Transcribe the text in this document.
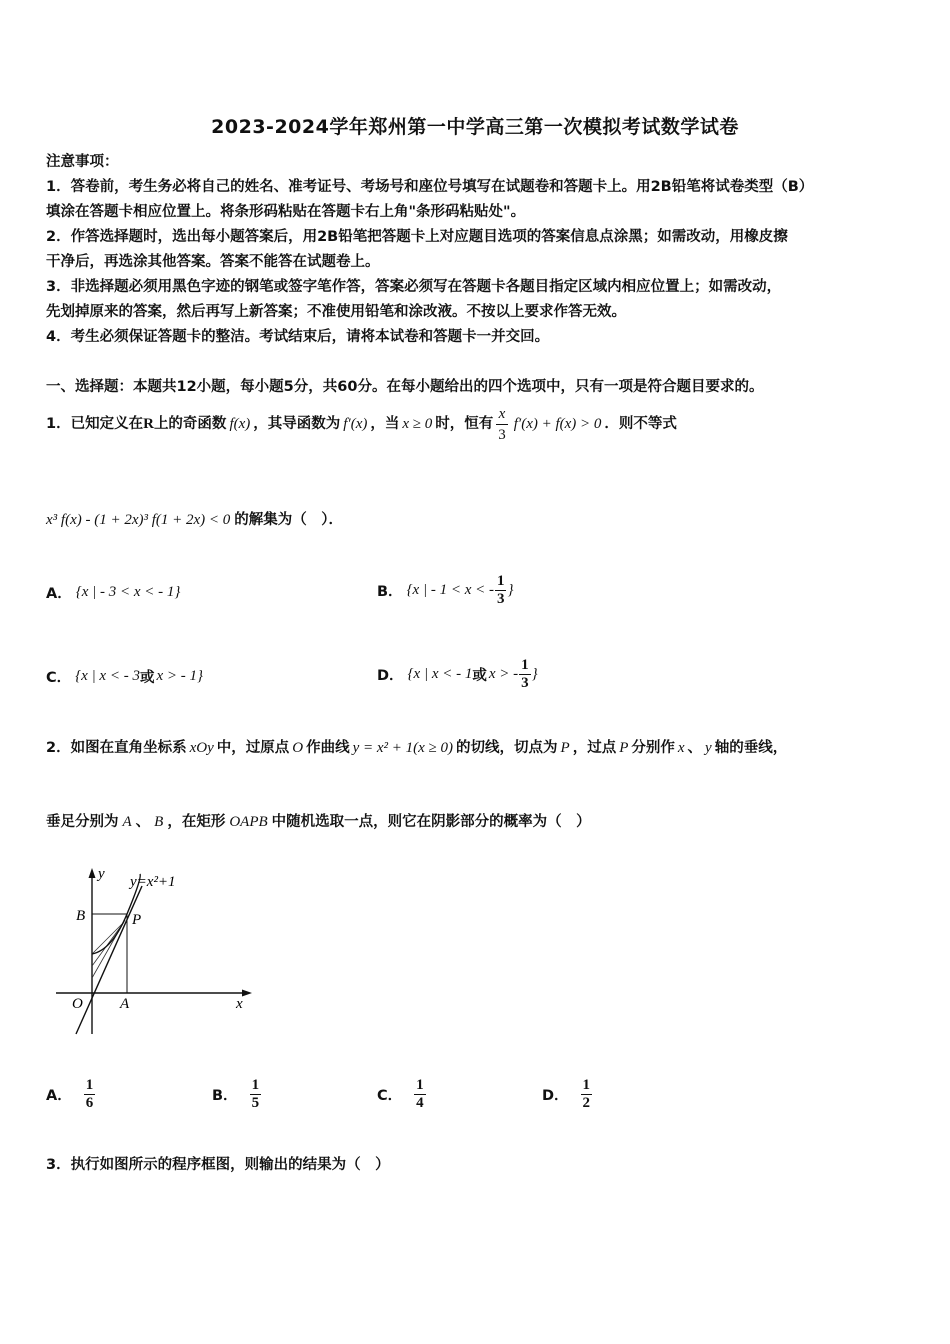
2023-2024学年郑州第一中学高三第一次模拟考试数学试卷
注意事项：
1．答卷前，考生务必将自己的姓名、准考证号、考场号和座位号填写在试题卷和答题卡上。用2B铅笔将试卷类型（B）
填涂在答题卡相应位置上。将条形码粘贴在答题卡右上角"条形码粘贴处"。
2．作答选择题时，选出每小题答案后，用2B铅笔把答题卡上对应题目选项的答案信息点涂黑；如需改动，用橡皮擦
干净后，再选涂其他答案。答案不能答在试题卷上。
3．非选择题必须用黑色字迹的钢笔或签字笔作答，答案必须写在答题卡各题目指定区域内相应位置上；如需改动，
先划掉原来的答案，然后再写上新答案；不准使用铅笔和涂改液。不按以上要求作答无效。
4．考生必须保证答题卡的整洁。考试结束后，请将本试卷和答题卡一并交回。
一、选择题：本题共12小题，每小题5分，共60分。在每小题给出的四个选项中，只有一项是符合题目要求的。
1．已知定义在 R 上的奇函数 f(x) ，其导函数为 f′(x) ，当 x ≥ 0 时，恒有 $\frac{x}{3} f'(x) + f(x) > 0$ ．则不等式
x³ f(x) - (1 + 2x)³ f(1 + 2x) < 0 的解集为（　）．
A． {x | - 3 < x < - 1}	B． {x | - 1 < x < - $\frac{1}{3}$ }
C． {x | x < - 3 或 x > - 1}	D． {x | x < - 1 或 x > - $\frac{1}{3}$ }
2．如图在直角坐标系 xOy 中，过原点 O 作曲线 y = x² + 1(x ≥ 0) 的切线，切点为 P ，过点 P 分别作 x 、 y 轴的垂线，
垂足分别为 A 、 B ，在矩形 OAPB 中随机选取一点，则它在阴影部分的概率为（　）
y=x²+1
y
x
O A
B	P
A． $\frac{1}{6}$	B． $\frac{1}{5}$	C． $\frac{1}{4}$	D． $\frac{1}{2}$
3．执行如图所示的程序框图，则输出的结果为（　）
